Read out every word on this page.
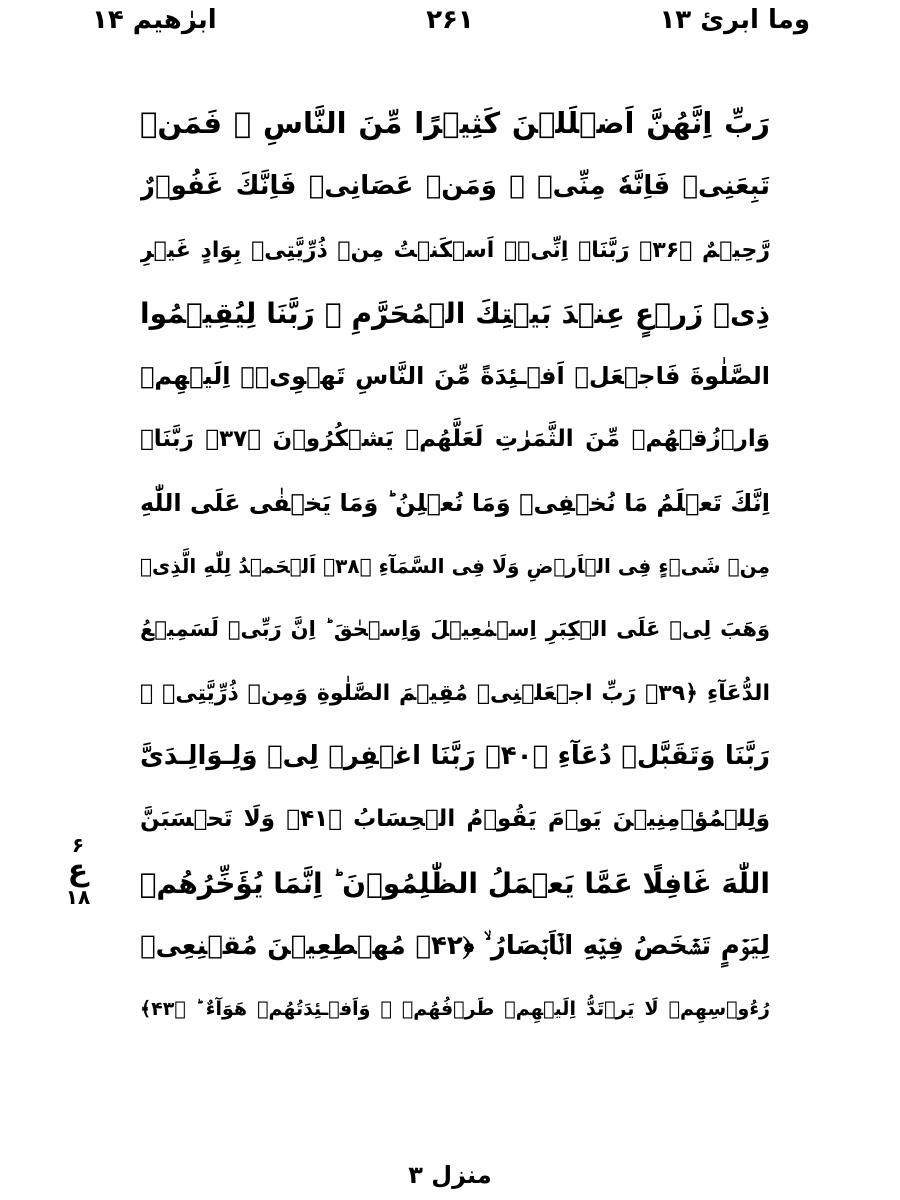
وما ابرئ ۱۳
۲۶۱
ابرٰهیم ۱۴
رَبِّ اِنَّهُنَّ اَضۡلَلۡنَ كَثِيۡرًا مِّنَ النَّاسِ ۚ فَمَنۡ
تَبِعَنِىۡ فَاِنَّهٗ مِنِّىۡ ۚ وَمَنۡ عَصَانِىۡ فَاِنَّكَ غَفُوۡرٌ
رَّحِيۡمٌ ﴿۳۶﴾ رَبَّنَاۤ اِنِّىۡۤ اَسۡكَنۡتُ مِنۡ ذُرِّيَّتِىۡ بِوَادٍ غَيۡرِ
ذِىۡ زَرۡعٍ عِنۡدَ بَيۡتِكَ الۡمُحَرَّمِ ۙ رَبَّنَا لِيُقِيۡمُوا
الصَّلٰوةَ فَاجۡعَلۡ اَفۡـئِدَةً مِّنَ النَّاسِ تَهۡوِىۡۤ اِلَيۡهِمۡ
وَارۡزُقۡهُمۡ مِّنَ الثَّمَرٰتِ لَعَلَّهُمۡ يَشۡكُرُوۡنَ ﴿۳۷﴾ رَبَّنَاۤ
اِنَّكَ تَعۡلَمُ مَا نُخۡفِىۡ وَمَا نُعۡلِنُ ؕ وَمَا يَخۡفٰى عَلَى اللّٰهِ
مِنۡ شَىۡءٍ فِى الۡاَرۡضِ وَلَا فِى السَّمَآءِ ﴿۳۸﴾ اَلۡحَمۡدُ لِلّٰهِ الَّذِىۡ
وَهَبَ لِىۡ عَلَى الۡكِبَرِ اِسۡمٰعِيۡلَ وَاِسۡحٰقَ ؕ اِنَّ رَبِّىۡ لَسَمِيۡعُ
الدُّعَآءِ ﴿۳۹﴾ رَبِّ اجۡعَلۡنِىۡ مُقِيۡمَ الصَّلٰوةِ وَمِنۡ ذُرِّيَّتِىۡ ۖ
رَبَّنَا وَتَقَبَّلۡ دُعَآءِ ﴿۴۰﴾ رَبَّنَا اغۡفِرۡ لِىۡ وَلِـوَالِـدَىَّ
وَلِلۡمُؤۡمِنِيۡنَ يَوۡمَ يَقُوۡمُ الۡحِسَابُ ﴿۴۱﴾ وَلَا تَحۡسَبَنَّ
اللّٰهَ غَافِلًا عَمَّا يَعۡمَلُ الظّٰلِمُوۡنَ ؕ اِنَّمَا يُؤَخِّرُهُمۡ
لِيَوۡمٍ تَشۡخَصُ فِيۡهِ الۡاَبۡصَارُ ۙ ﴿۴۲﴾ مُهۡطِعِيۡنَ مُقۡنِعِىۡ
رُءُوۡسِهِمۡ لَا يَرۡتَدُّ اِلَيۡهِمۡ طَرۡفُهُمۡ ۚ وَاَفۡـئِدَتُهُمۡ هَوَآءٌ ؕ ﴿۴۳﴾
۶
ع
۱۸
منزل ۳
